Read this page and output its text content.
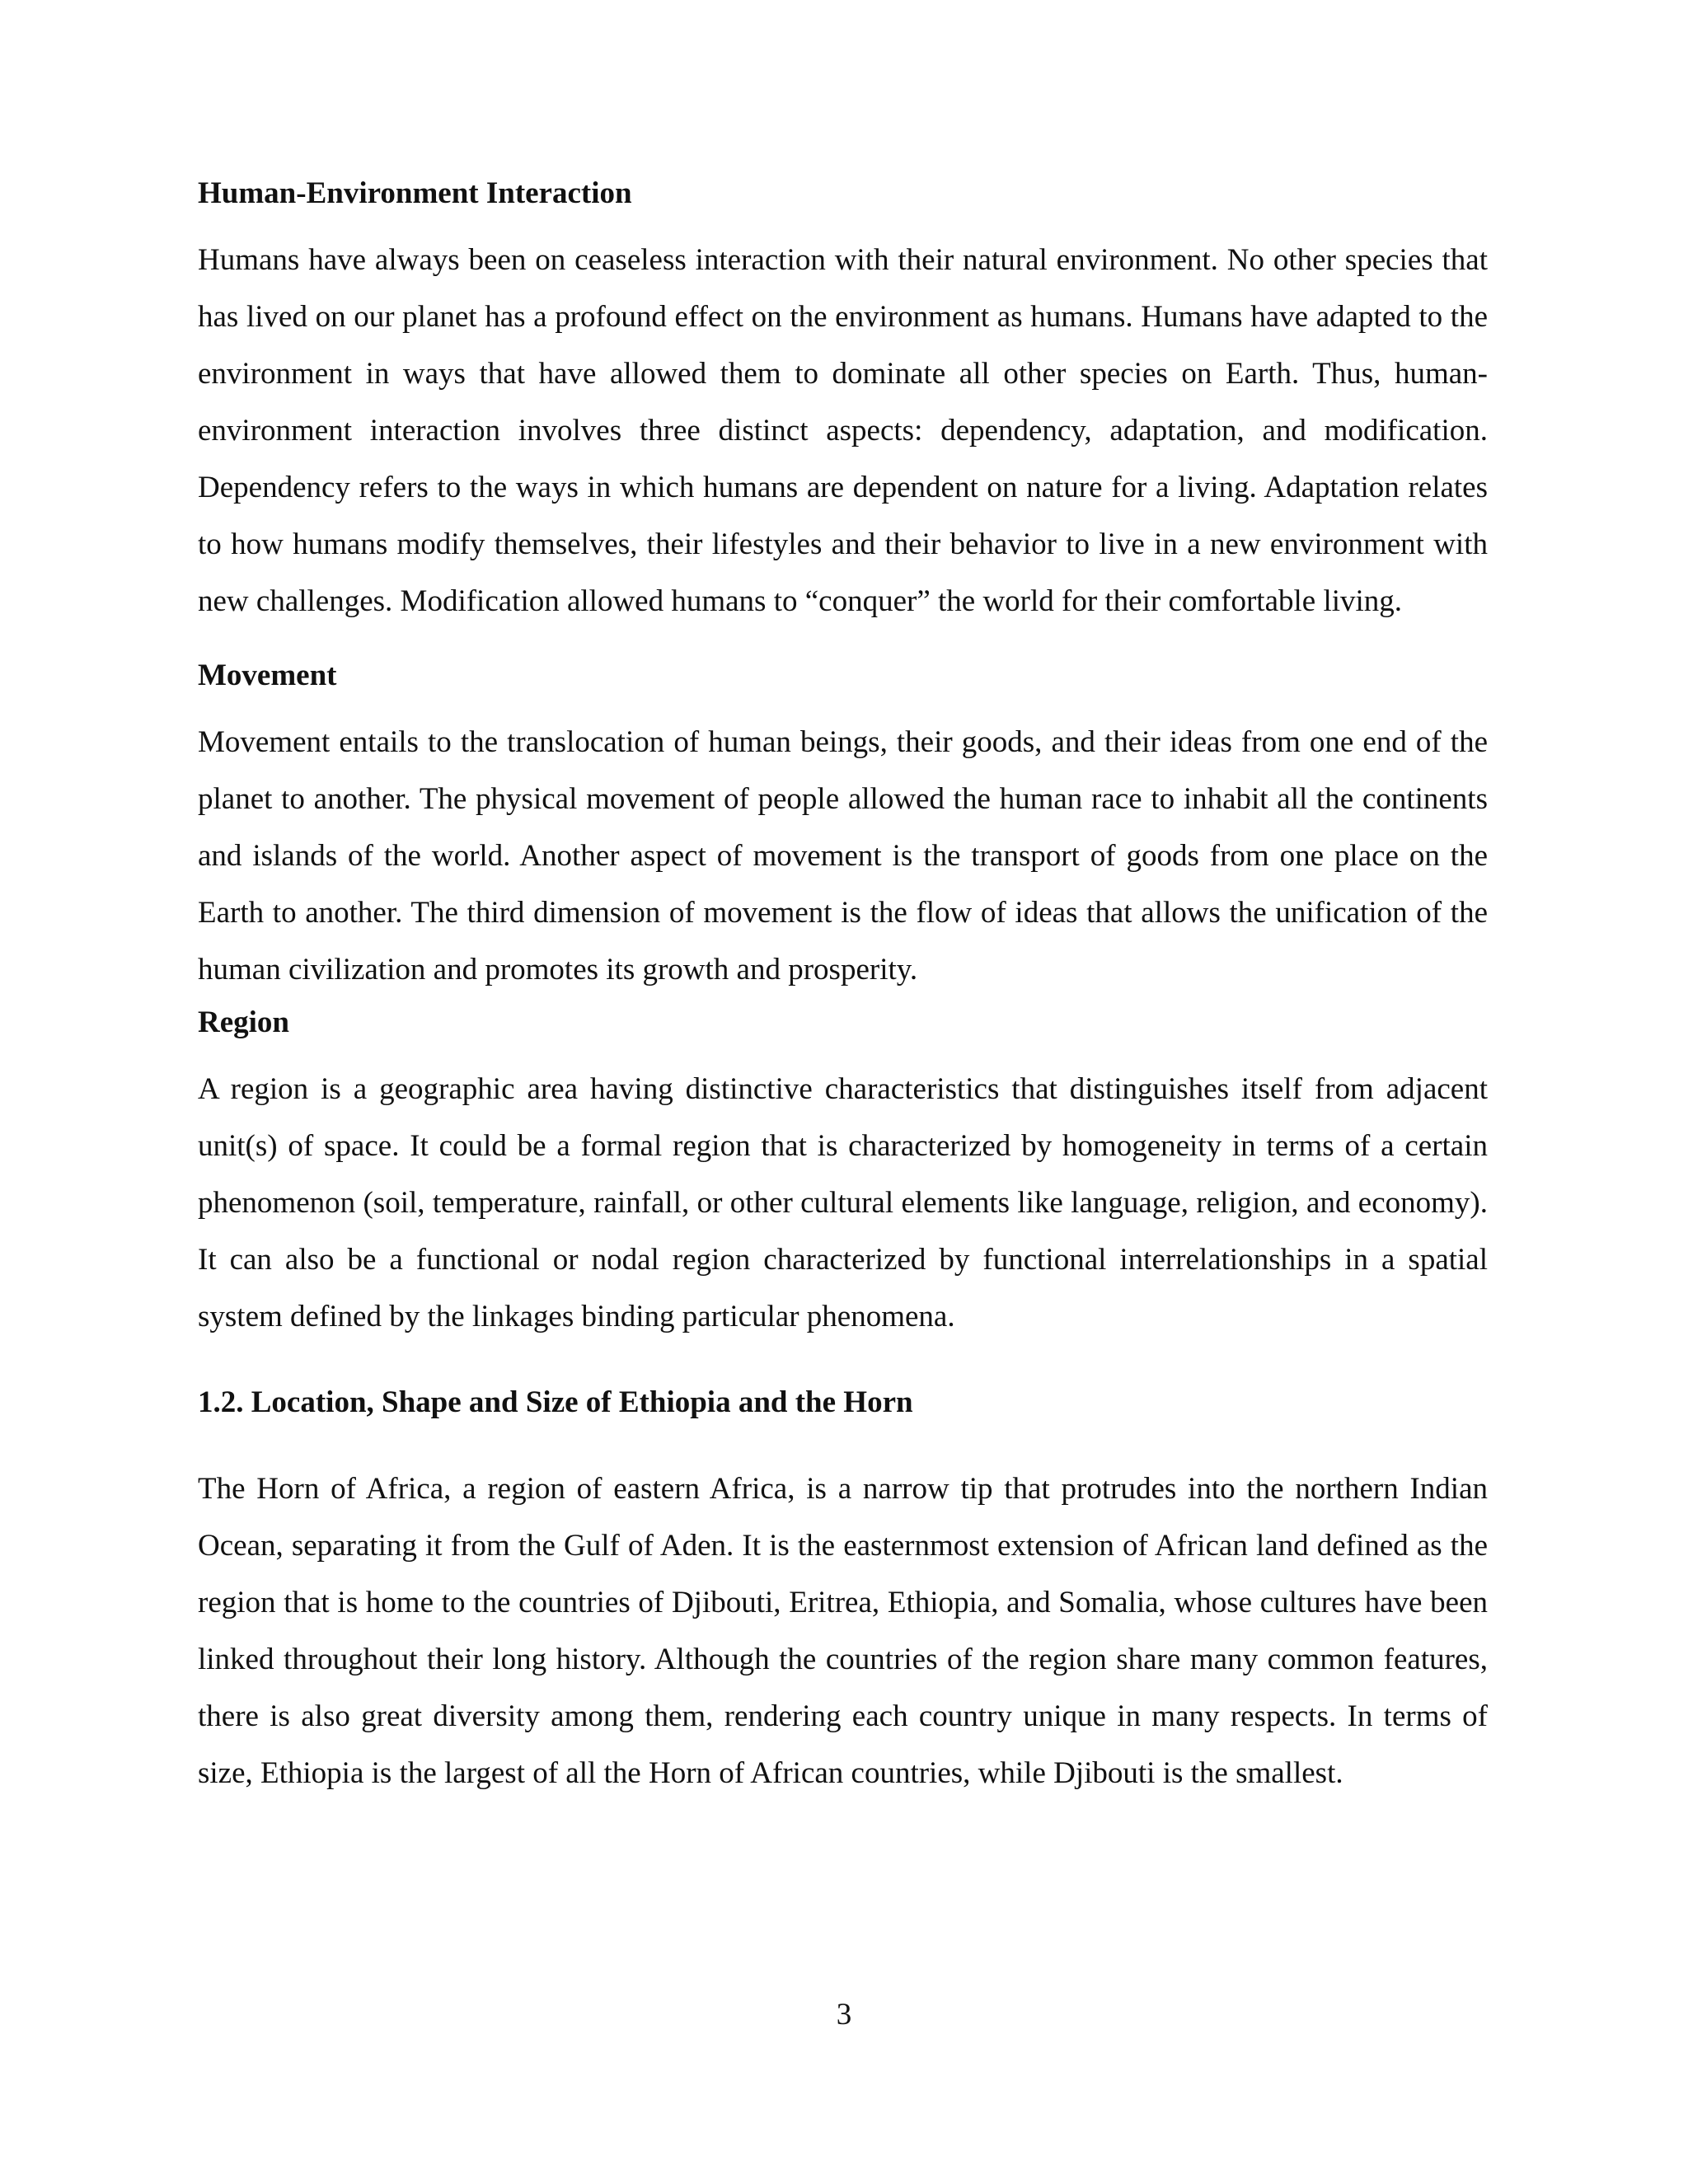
Human-Environment Interaction

Humans have always been on ceaseless interaction with their natural environment. No other species that has lived on our planet has a profound effect on the environment as humans. Humans have adapted to the environment in ways that have allowed them to dominate all other species on Earth. Thus, human-environment interaction involves three distinct aspects: dependency, adaptation, and modification. Dependency refers to the ways in which humans are dependent on nature for a living. Adaptation relates to how humans modify themselves, their lifestyles and their behavior to live in a new environment with new challenges. Modification allowed humans to “conquer” the world for their comfortable living.

Movement

Movement entails to the translocation of human beings, their goods, and their ideas from one end of the planet to another. The physical movement of people allowed the human race to inhabit all the continents and islands of the world. Another aspect of movement is the transport of goods from one place on the Earth to another. The third dimension of movement is the flow of ideas that allows the unification of the human civilization and promotes its growth and prosperity.

Region

A region is a geographic area having distinctive characteristics that distinguishes itself from adjacent unit(s) of space. It could be a formal region that is characterized by homogeneity in terms of a certain phenomenon (soil, temperature, rainfall, or other cultural elements like language, religion, and economy). It can also be a functional or nodal region characterized by functional interrelationships in a spatial system defined by the linkages binding particular phenomena.

1.2. Location, Shape and Size of Ethiopia and the Horn

The Horn of Africa, a region of eastern Africa, is a narrow tip that protrudes into the northern Indian Ocean, separating it from the Gulf of Aden. It is the easternmost extension of African land defined as the region that is home to the countries of Djibouti, Eritrea, Ethiopia, and Somalia, whose cultures have been linked throughout their long history. Although the countries of the region share many common features, there is also great diversity among them, rendering each country unique in many respects. In terms of size, Ethiopia is the largest of all the Horn of African countries, while Djibouti is the smallest.

3
